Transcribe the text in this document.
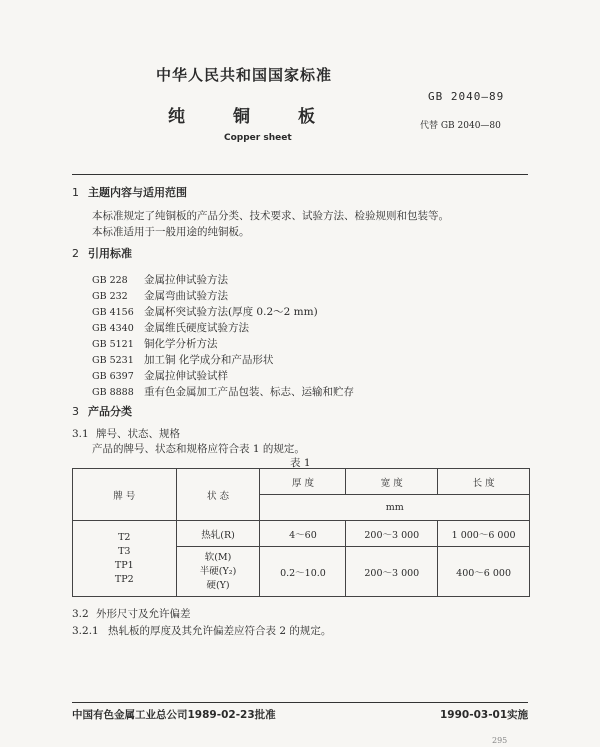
中华人民共和国国家标准
GB 2040—89
纯铜板
Copper sheet
代替 GB 2040—80
1 主题内容与适用范围
本标准规定了纯铜板的产品分类、技术要求、试验方法、检验规则和包装等。
本标准适用于一般用途的纯铜板。
2 引用标准
GB 228 金属拉伸试验方法
GB 232 金属弯曲试验方法
GB 4156 金属杯突试验方法(厚度 0.2～2 mm)
GB 4340 金属维氏硬度试验方法
GB 5121 铜化学分析方法
GB 5231 加工铜 化学成分和产品形状
GB 6397 金属拉伸试验试样
GB 8888 重有色金属加工产品包装、标志、运输和贮存
3 产品分类
3.1 牌号、状态、规格
产品的牌号、状态和规格应符合表 1 的规定。
表 1
牌 号	状 态	厚 度	宽 度	长 度
		mm		

T2
T3
TP1
TP2	热轧(R)	4～60	200～3 000	1 000～6 000

	软(M)
半硬(Y₂)
硬(Y)	0.2～10.0	200～3 000	400～6 000
3.2 外形尺寸及允许偏差
3.2.1 热轧板的厚度及其允许偏差应符合表 2 的规定。
中国有色金属工业总公司1989-02-23批准	1990-03-01实施
295
